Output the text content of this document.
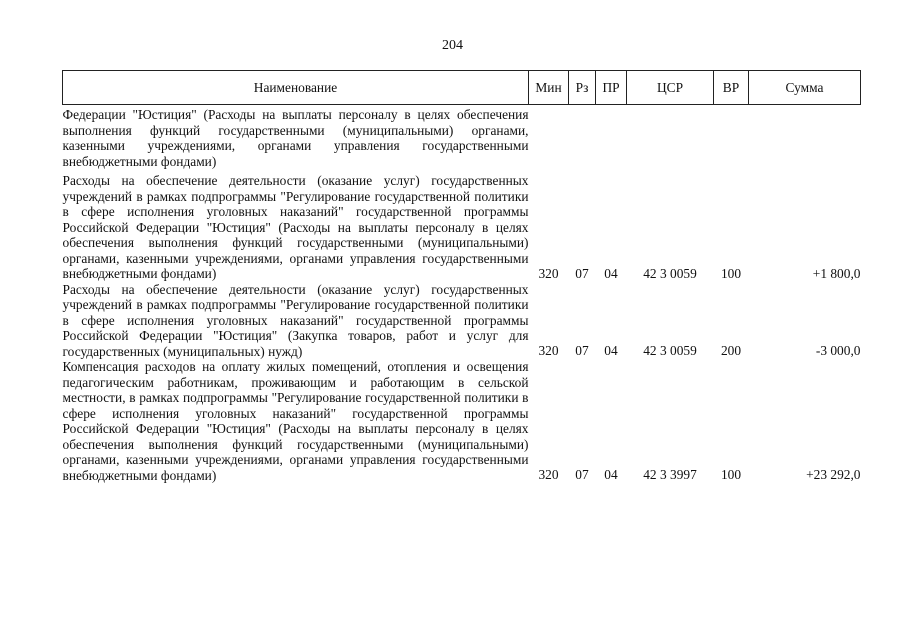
204
Наименование	Мин	Рз	ПР	ЦСР	ВР	Сумма
Федерации "Юстиция" (Расходы на выплаты персоналу в целях обеспечения выполнения функций государственными (муниципальными) органами, казенными учреждениями, органами управления государственными внебюджетными фондами)						
Расходы на обеспечение деятельности (оказание услуг) государственных учреждений в рамках подпрограммы "Регулирование государственной политики в сфере исполнения уголовных наказаний" государственной программы Российской Федерации "Юстиция" (Расходы на выплаты персоналу в целях обеспечения выполнения функций государственными (муниципальными) органами, казенными учреждениями, органами управления государственными внебюджетными фондами)	320	07	04	42 3 0059	100	+1 800,0
Расходы на обеспечение деятельности (оказание услуг) государственных учреждений в рамках подпрограммы "Регулирование государственной политики в сфере исполнения уголовных наказаний" государственной программы Российской Федерации "Юстиция" (Закупка товаров, работ и услуг для государственных (муниципальных) нужд)	320	07	04	42 3 0059	200	-3 000,0
Компенсация расходов на оплату жилых помещений, отопления и освещения педагогическим работникам, проживающим и работающим в сельской местности, в рамках подпрограммы "Регулирование государственной политики в сфере исполнения уголовных наказаний" государственной программы Российской Федерации "Юстиция" (Расходы на выплаты персоналу в целях обеспечения выполнения функций государственными (муниципальными) органами, казенными учреждениями, органами управления государственными внебюджетными фондами)	320	07	04	42 3 3997	100	+23 292,0
